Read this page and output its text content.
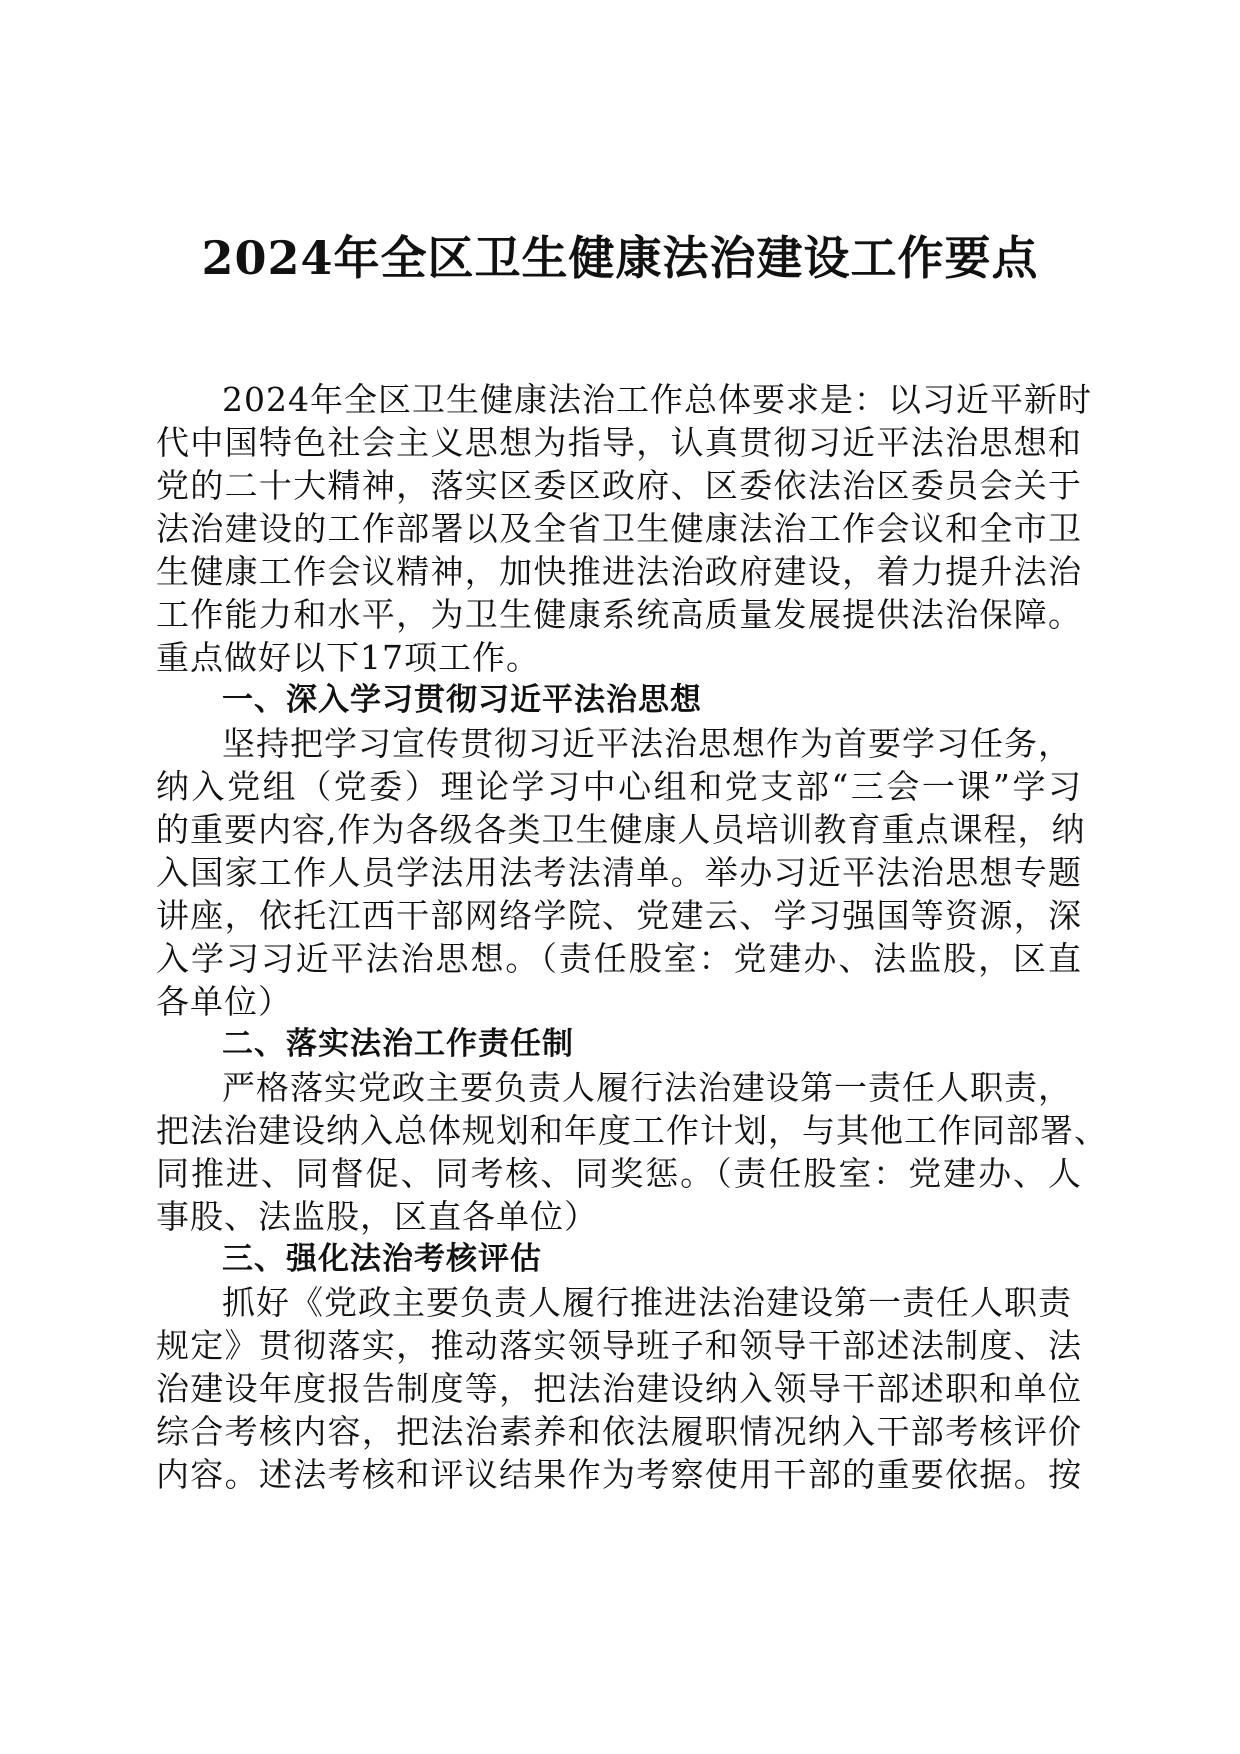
2024年全区卫生健康法治建设工作要点
2024年全区卫生健康法治工作总体要求是：以习近平新时
代中国特色社会主义思想为指导，认真贯彻习近平法治思想和
党的二十大精神，落实区委区政府、区委依法治区委员会关于
法治建设的工作部署以及全省卫生健康法治工作会议和全市卫
生健康工作会议精神，加快推进法治政府建设，着力提升法治
工作能力和水平，为卫生健康系统高质量发展提供法治保障。
重点做好以下17项工作。
一、深入学习贯彻习近平法治思想
坚持把学习宣传贯彻习近平法治思想作为首要学习任务，
纳入党组（党委）理论学习中心组和党支部“三会一课”学习
的重要内容,作为各级各类卫生健康人员培训教育重点课程，纳
入国家工作人员学法用法考法清单。举办习近平法治思想专题
讲座，依托江西干部网络学院、党建云、学习强国等资源，深
入学习习近平法治思想。（责任股室：党建办、法监股，区直
各单位）
二、落实法治工作责任制
严格落实党政主要负责人履行法治建设第一责任人职责，
把法治建设纳入总体规划和年度工作计划，与其他工作同部署、
同推进、同督促、同考核、同奖惩。（责任股室：党建办、人
事股、法监股，区直各单位）
三、强化法治考核评估
抓好《党政主要负责人履行推进法治建设第一责任人职责
规定》贯彻落实，推动落实领导班子和领导干部述法制度、法
治建设年度报告制度等，把法治建设纳入领导干部述职和单位
综合考核内容，把法治素养和依法履职情况纳入干部考核评价
内容。述法考核和评议结果作为考察使用干部的重要依据。按
